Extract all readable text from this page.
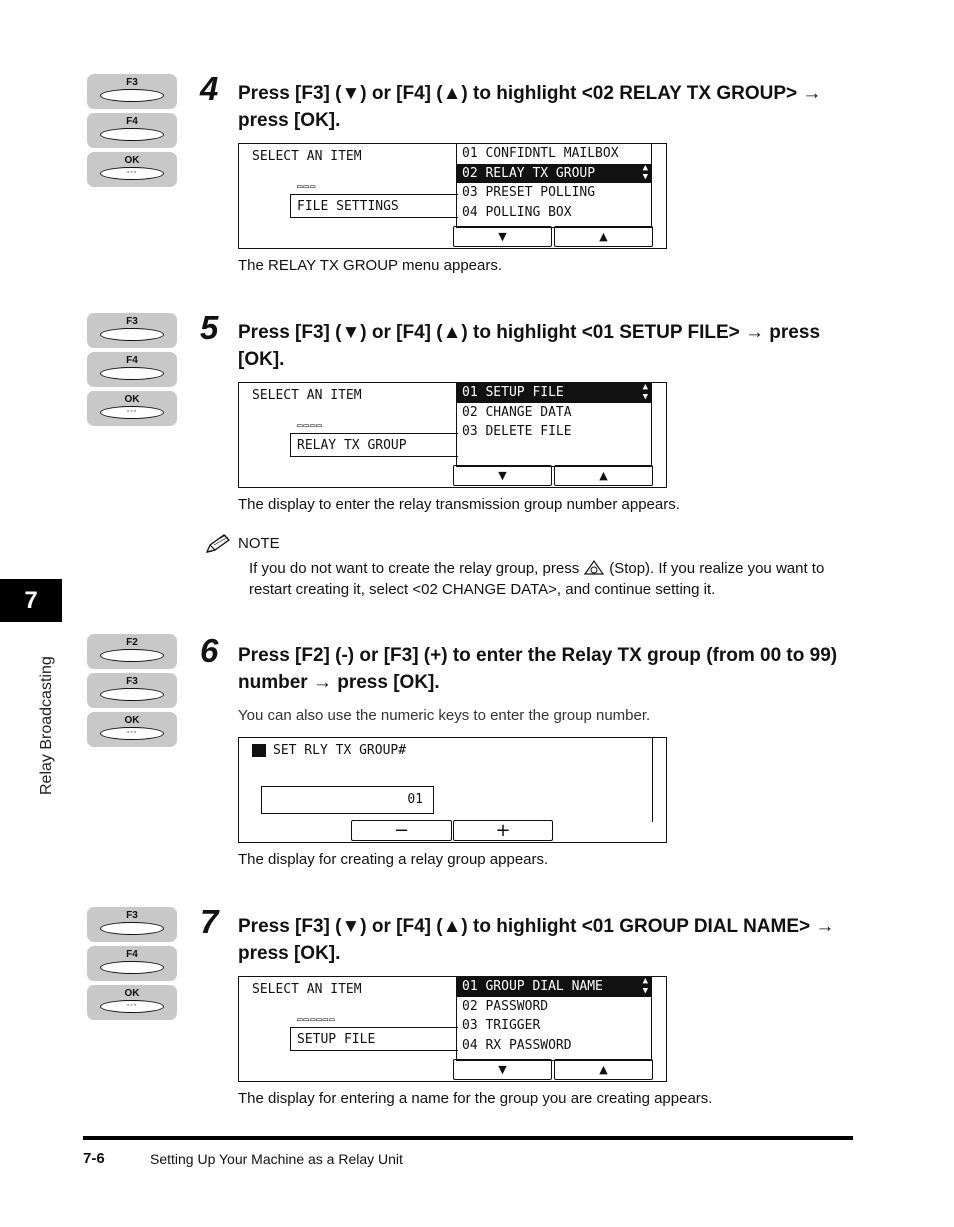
F3
F4
OK
◦◦◦
4 Press [F3] (▼) or [F4] (▲) to highlight <02 RELAY TX GROUP> → press [OK].
SELECT AN ITEM
▭▭▭
FILE SETTINGS
01 CONFIDNTL MAILBOX
02 RELAY TX GROUP	▲
▼
03 PRESET POLLING
04 POLLING BOX
▼	▲
The RELAY TX GROUP menu appears.
F3
F4
OK
◦◦◦
5 Press [F3] (▼) or [F4] (▲) to highlight <01 SETUP FILE> → press [OK].
SELECT AN ITEM
▭▭▭▭
RELAY TX GROUP
01 SETUP FILE	▲
▼
02 CHANGE DATA
03 DELETE FILE
▼	▲
The display to enter the relay transmission group number appears.
NOTE
If you do not want to create the relay group, press (Stop). If you realize you want to restart creating it, select <02 CHANGE DATA>, and continue setting it.
F2
F3
OK
◦◦◦
6 Press [F2] (-) or [F3] (+) to enter the Relay TX group (from 00 to 99) number → press [OK].
You can also use the numeric keys to enter the group number.
SET RLY TX GROUP#
01
−	+
The display for creating a relay group appears.
F3
F4
OK
◦◦◦
7 Press [F3] (▼) or [F4] (▲) to highlight <01 GROUP DIAL NAME> → press [OK].
SELECT AN ITEM
▭▭▭▭▭▭
SETUP FILE
01 GROUP DIAL NAME	▲
▼
02 PASSWORD
03 TRIGGER
04 RX PASSWORD
▼	▲
The display for entering a name for the group you are creating appears.
7
Relay Broadcasting
7-6	Setting Up Your Machine as a Relay Unit
